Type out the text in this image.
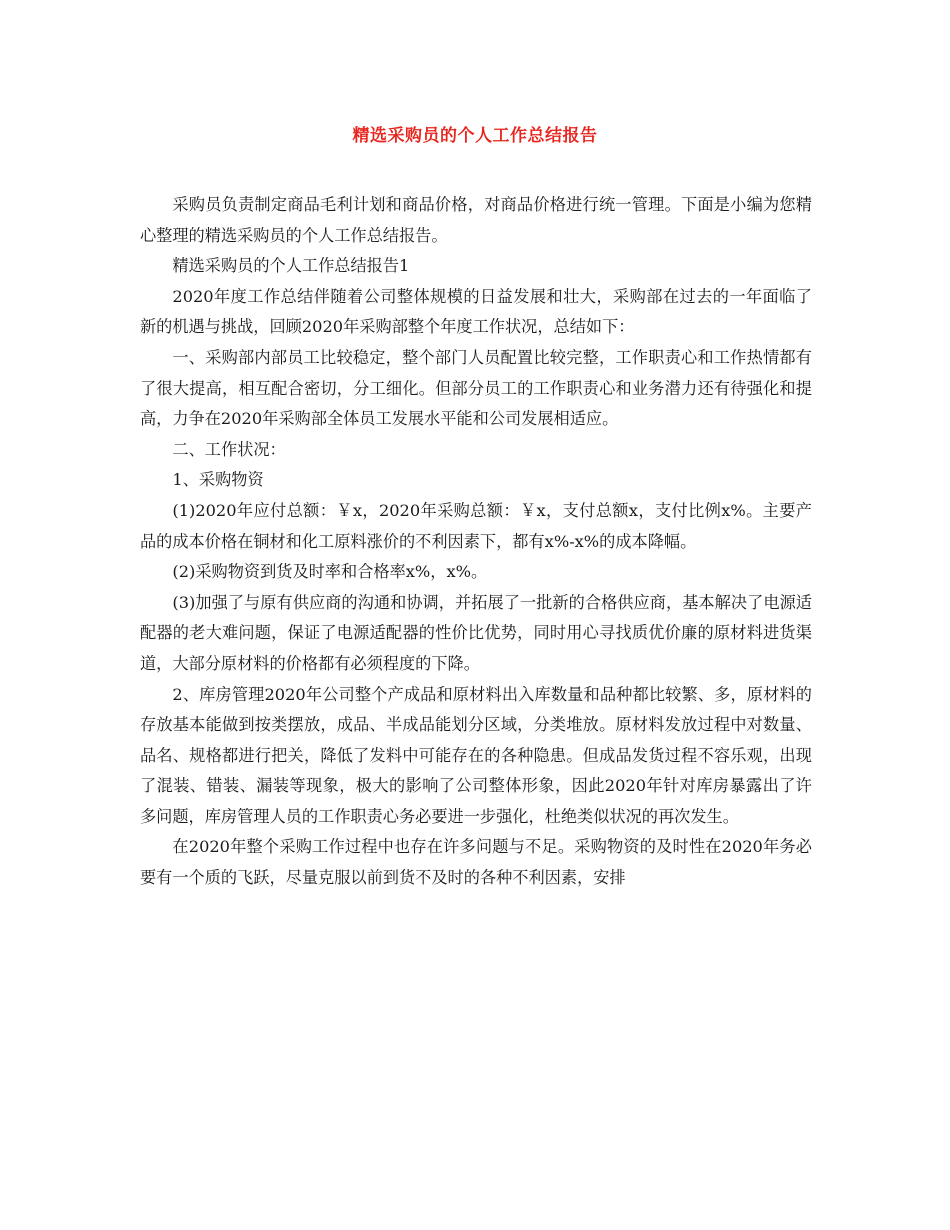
精选采购员的个人工作总结报告

采购员负责制定商品毛利计划和商品价格，对商品价格进行统一管理。下面是小编为您精心整理的精选采购员的个人工作总结报告。

精选采购员的个人工作总结报告1

2020年度工作总结伴随着公司整体规模的日益发展和壮大，采购部在过去的一年面临了新的机遇与挑战，回顾2020年采购部整个年度工作状况，总结如下：

一、采购部内部员工比较稳定，整个部门人员配置比较完整，工作职责心和工作热情都有了很大提高，相互配合密切，分工细化。但部分员工的工作职责心和业务潜力还有待强化和提高，力争在2020年采购部全体员工发展水平能和公司发展相适应。

二、工作状况：

1、采购物资

(1)2020年应付总额：￥x，2020年采购总额：￥x，支付总额x，支付比例x%。主要产品的成本价格在铜材和化工原料涨价的不利因素下，都有x%-x%的成本降幅。

(2)采购物资到货及时率和合格率x%，x%。

(3)加强了与原有供应商的沟通和协调，并拓展了一批新的合格供应商，基本解决了电源适配器的老大难问题，保证了电源适配器的性价比优势，同时用心寻找质优价廉的原材料进货渠道，大部分原材料的价格都有必须程度的下降。

2、库房管理2020年公司整个产成品和原材料出入库数量和品种都比较繁、多，原材料的存放基本能做到按类摆放，成品、半成品能划分区域，分类堆放。原材料发放过程中对数量、品名、规格都进行把关，降低了发料中可能存在的各种隐患。但成品发货过程不容乐观，出现了混装、错装、漏装等现象，极大的影响了公司整体形象，因此2020年针对库房暴露出了许多问题，库房管理人员的工作职责心务必要进一步强化，杜绝类似状况的再次发生。

在2020年整个采购工作过程中也存在许多问题与不足。采购物资的及时性在2020年务必要有一个质的飞跃，尽量克服以前到货不及时的各种不利因素，安排
